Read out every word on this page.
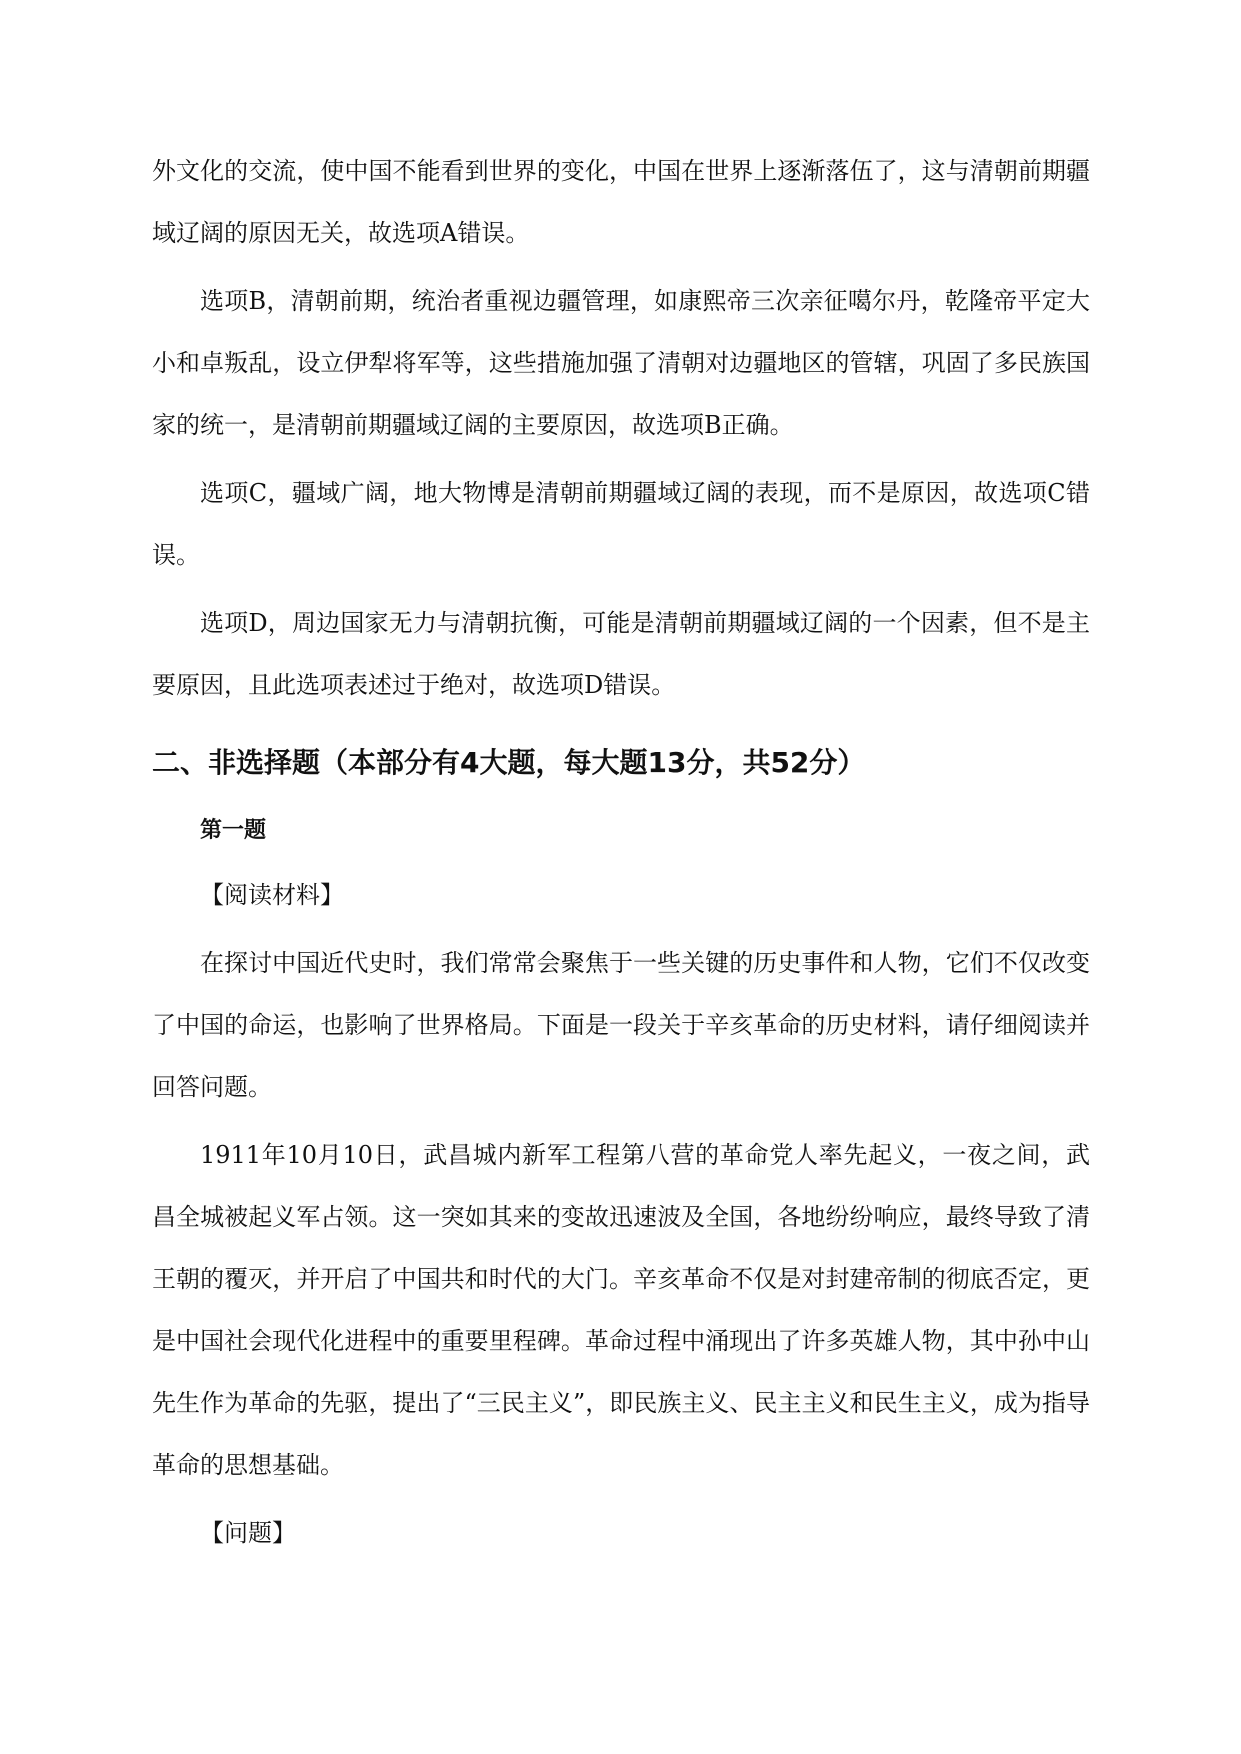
外文化的交流，使中国不能看到世界的变化，中国在世界上逐渐落伍了，这与清朝前期疆域辽阔的原因无关，故选项A错误。

选项B，清朝前期，统治者重视边疆管理，如康熙帝三次亲征噶尔丹，乾隆帝平定大小和卓叛乱，设立伊犁将军等，这些措施加强了清朝对边疆地区的管辖，巩固了多民族国家的统一，是清朝前期疆域辽阔的主要原因，故选项B正确。

选项C，疆域广阔，地大物博是清朝前期疆域辽阔的表现，而不是原因，故选项C错误。

选项D，周边国家无力与清朝抗衡，可能是清朝前期疆域辽阔的一个因素，但不是主要原因，且此选项表述过于绝对，故选项D错误。

二、非选择题（本部分有4大题，每大题13分，共52分）

第一题

【阅读材料】

在探讨中国近代史时，我们常常会聚焦于一些关键的历史事件和人物，它们不仅改变了中国的命运，也影响了世界格局。下面是一段关于辛亥革命的历史材料，请仔细阅读并回答问题。

1911年10月10日，武昌城内新军工程第八营的革命党人率先起义，一夜之间，武昌全城被起义军占领。这一突如其来的变故迅速波及全国，各地纷纷响应，最终导致了清王朝的覆灭，并开启了中国共和时代的大门。辛亥革命不仅是对封建帝制的彻底否定，更是中国社会现代化进程中的重要里程碑。革命过程中涌现出了许多英雄人物，其中孙中山先生作为革命的先驱，提出了“三民主义”，即民族主义、民主主义和民生主义，成为指导革命的思想基础。

【问题】
